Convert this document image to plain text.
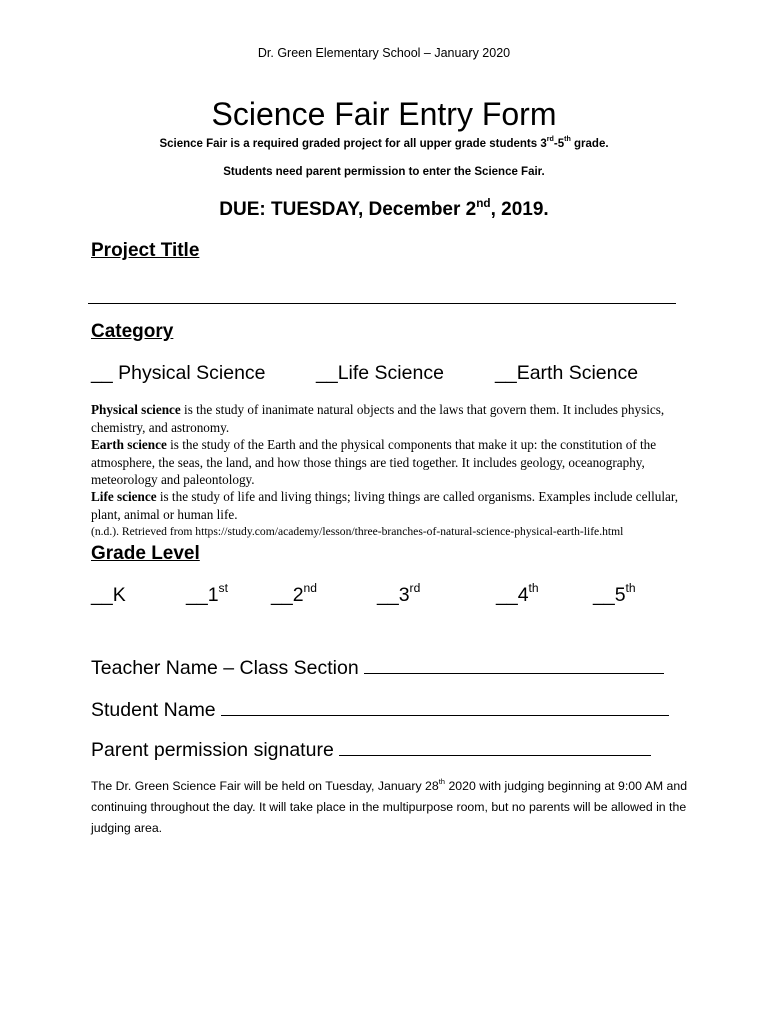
Dr. Green Elementary School – January 2020
Science Fair Entry Form
Science Fair is a required graded project for all upper grade students 3rd-5th grade.
Students need parent permission to enter the Science Fair.
DUE: TUESDAY, December 2nd, 2019.
Project Title
Category
__ Physical Science	__Life Science	__Earth Science
Physical science is the study of inanimate natural objects and the laws that govern them. It includes physics, chemistry, and astronomy.
Earth science is the study of the Earth and the physical components that make it up: the constitution of the atmosphere, the seas, the land, and how those things are tied together. It includes geology, oceanography, meteorology and paleontology.
Life science is the study of life and living things; living things are called organisms. Examples include cellular, plant, animal or human life.
(n.d.). Retrieved from https://study.com/academy/lesson/three-branches-of-natural-science-physical-earth-life.html
Grade Level
__K	__1st __2nd	__3rd	__4th	__5th
Teacher Name – Class Section
Student Name
Parent permission signature
The Dr. Green Science Fair will be held on Tuesday, January 28th 2020 with judging beginning at 9:00 AM and continuing throughout the day. It will take place in the multipurpose room, but no parents will be allowed in the judging area.
